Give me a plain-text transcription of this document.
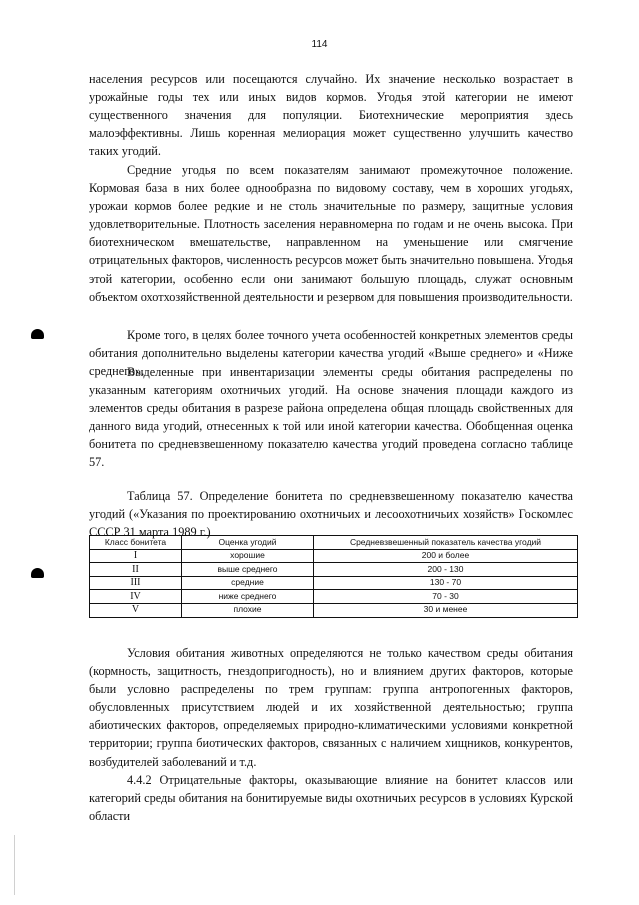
114

населения ресурсов или посещаются случайно. Их значение несколько возрастает в урожайные годы тех или иных видов кормов. Угодья этой категории не имеют существенного значения для популяции. Биотехнические мероприятия здесь малоэффективны. Лишь коренная мелиорация может существенно улучшить качество таких угодий.

Средние угодья по всем показателям занимают промежуточное положение. Кормовая база в них более однообразна по видовому составу, чем в хороших угодьях, урожаи кормов более редкие и не столь значительные по размеру, защитные условия удовлетворительные. Плотность заселения неравномерна по годам и не очень высока. При биотехническом вмешательстве, направленном на уменьшение или смягчение отрицательных факторов, численность ресурсов может быть значительно повышена. Угодья этой категории, особенно если они занимают большую площадь, служат основным объектом охотхозяйственной деятельности и резервом для повышения производительности.

Кроме того, в целях более точного учета особенностей конкретных элементов среды обитания дополнительно выделены категории качества угодий «Выше среднего» и «Ниже среднего».

Выделенные при инвентаризации элементы среды обитания распределены по указанным категориям охотничьих угодий. На основе значения площади каждого из элементов среды обитания в разрезе района определена общая площадь свойственных для данного вида угодий, отнесенных к той или иной категории качества. Обобщенная оценка бонитета по средневзвешенному показателю качества угодий проведена согласно таблице 57.

Таблица 57. Определение бонитета по средневзвешенному показателю качества угодий («Указания по проектированию охотничьих и лесоохотничьих хозяйств» Госкомлес СССР 31 марта 1989 г.)

Класс бонитета	Оценка угодий	Средневзвешенный показатель качества угодий
I	хорошие	200 и более
II	выше среднего	200 - 130
III	средние	130 - 70
IV	ниже среднего	70 - 30
V	плохие	30 и менее

Условия обитания животных определяются не только качеством среды обитания (кормность, защитность, гнездопригодность), но и влиянием других факторов, которые были условно распределены по трем группам: группа антропогенных факторов, обусловленных присутствием людей и их хозяйственной деятельностью; группа абиотических факторов, определяемых природно-климатическими условиями конкретной территории; группа биотических факторов, связанных с наличием хищников, конкурентов, возбудителей заболеваний и т.д.

4.4.2 Отрицательные факторы, оказывающие влияние на бонитет классов или категорий среды обитания на бонитируемые виды охотничьих ресурсов в условиях Курской области
